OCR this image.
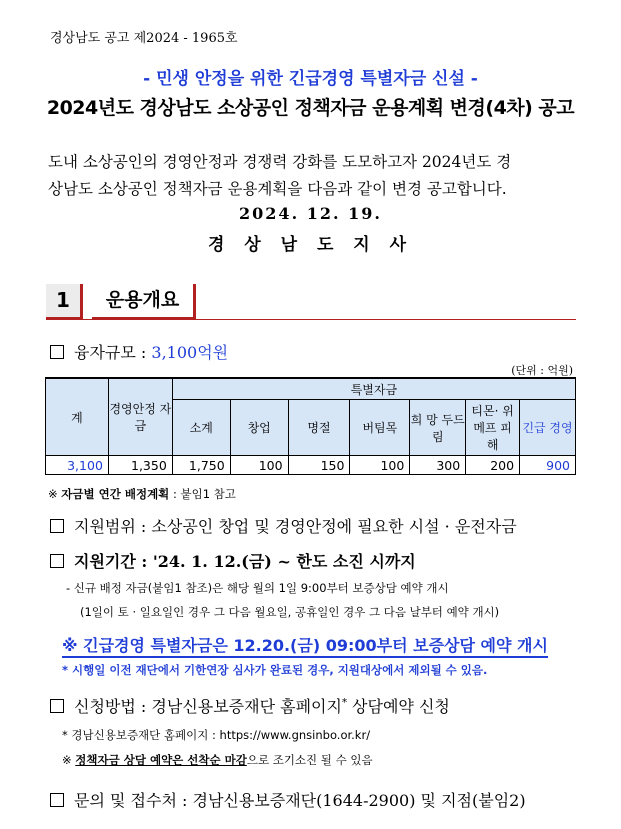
경상남도 공고 제2024 - 1965호
- 민생 안정을 위한 긴급경영 특별자금 신설 -
2024년도 경상남도 소상공인 정책자금 운용계획 변경(4차) 공고
도내 소상공인의 경영안정과 경쟁력 강화를 도모하고자 2024년도 경
상남도 소상공인 정책자금 운용계획을 다음과 같이 변경 공고합니다.
2024. 12. 19.
경 상 남 도 지 사
1	운용개요
융자규모 : 3,100억원
(단위 : 억원)
계	경영안정 자금	특별자금						
		소계	창업	명절	버팀목	희 망 두드림	티몬· 위메프 피 해	긴급 경영
3,100	1,350	1,750	100	150	100	300	200	900
※ 자금별 연간 배정계획 : 붙임1 참고
지원범위 : 소상공인 창업 및 경영안정에 필요한 시설 · 운전자금
지원기간 : '24. 1. 12.(금) ~ 한도 소진 시까지
- 신규 배정 자금(붙임1 참조)은 해당 월의 1일 9:00부터 보증상담 예약 개시
(1일이 토 · 일요일인 경우 그 다음 월요일, 공휴일인 경우 그 다음 날부터 예약 개시)
※ 긴급경영 특별자금은 12.20.(금) 09:00부터 보증상담 예약 개시
* 시행일 이전 재단에서 기한연장 심사가 완료된 경우, 지원대상에서 제외될 수 있음.
신청방법 : 경남신용보증재단 홈페이지* 상담예약 신청
* 경남신용보증재단 홈페이지 : https://www.gnsinbo.or.kr/
※ 정책자금 상담 예약은 선착순 마감으로 조기소진 될 수 있음
문의 및 접수처 : 경남신용보증재단(1644-2900) 및 지점(붙임2)
